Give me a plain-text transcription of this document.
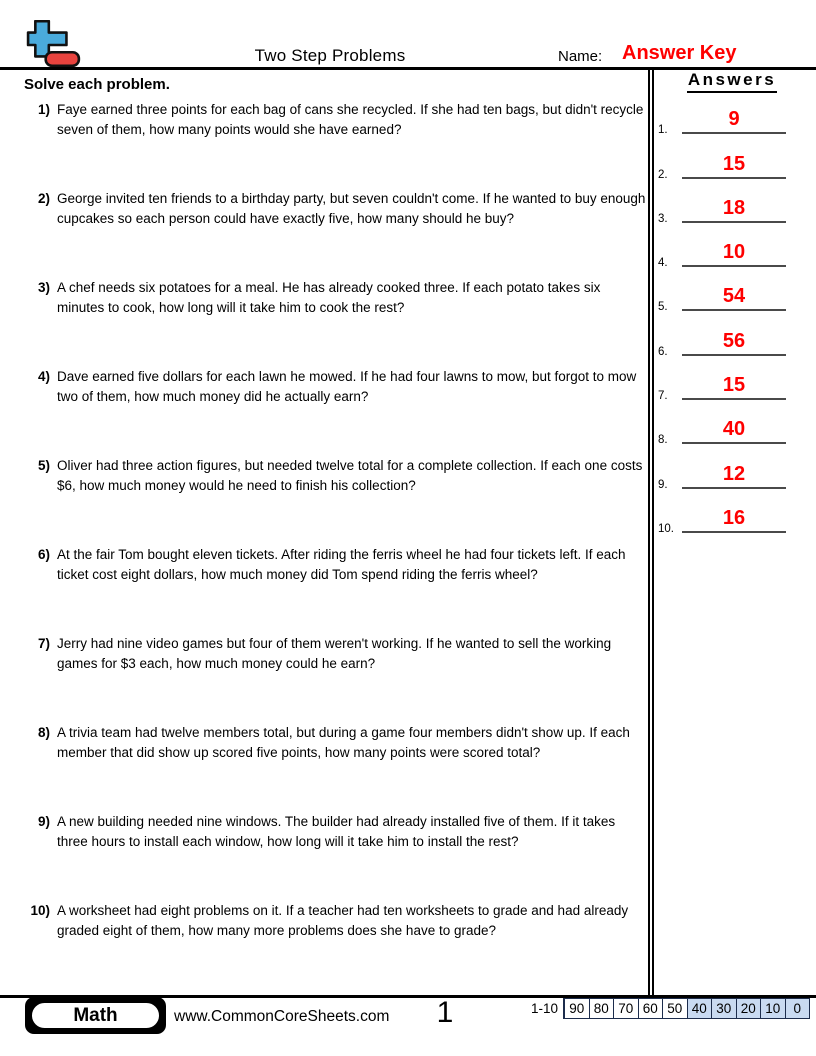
Two Step Problems	Name: Answer Key
Solve each problem.
1) Faye earned three points for each bag of cans she recycled. If she had ten bags, but didn't recycle seven of them, how many points would she have earned?
2) George invited ten friends to a birthday party, but seven couldn't come. If he wanted to buy enough cupcakes so each person could have exactly five, how many should he buy?
3) A chef needs six potatoes for a meal. He has already cooked three. If each potato takes six minutes to cook, how long will it take him to cook the rest?
4) Dave earned five dollars for each lawn he mowed. If he had four lawns to mow, but forgot to mow two of them, how much money did he actually earn?
5) Oliver had three action figures, but needed twelve total for a complete collection. If each one costs $6, how much money would he need to finish his collection?
6) At the fair Tom bought eleven tickets. After riding the ferris wheel he had four tickets left. If each ticket cost eight dollars, how much money did Tom spend riding the ferris wheel?
7) Jerry had nine video games but four of them weren't working. If he wanted to sell the working games for $3 each, how much money could he earn?
8) A trivia team had twelve members total, but during a game four members didn't show up. If each member that did show up scored five points, how many points were scored total?
9) A new building needed nine windows. The builder had already installed five of them. If it takes three hours to install each window, how long will it take him to install the rest?
10) A worksheet had eight problems on it. If a teacher had ten worksheets to grade and had already graded eight of them, how many more problems does she have to grade?
Answers
1.	9
2.	15
3.	18
4.	10
5.	54
6.	56
7.	15
8.	40
9.	12
10.	16
Math	www.CommonCoreSheets.com 1	1-10 90 80 70 60 50 40 30 20 10 0
